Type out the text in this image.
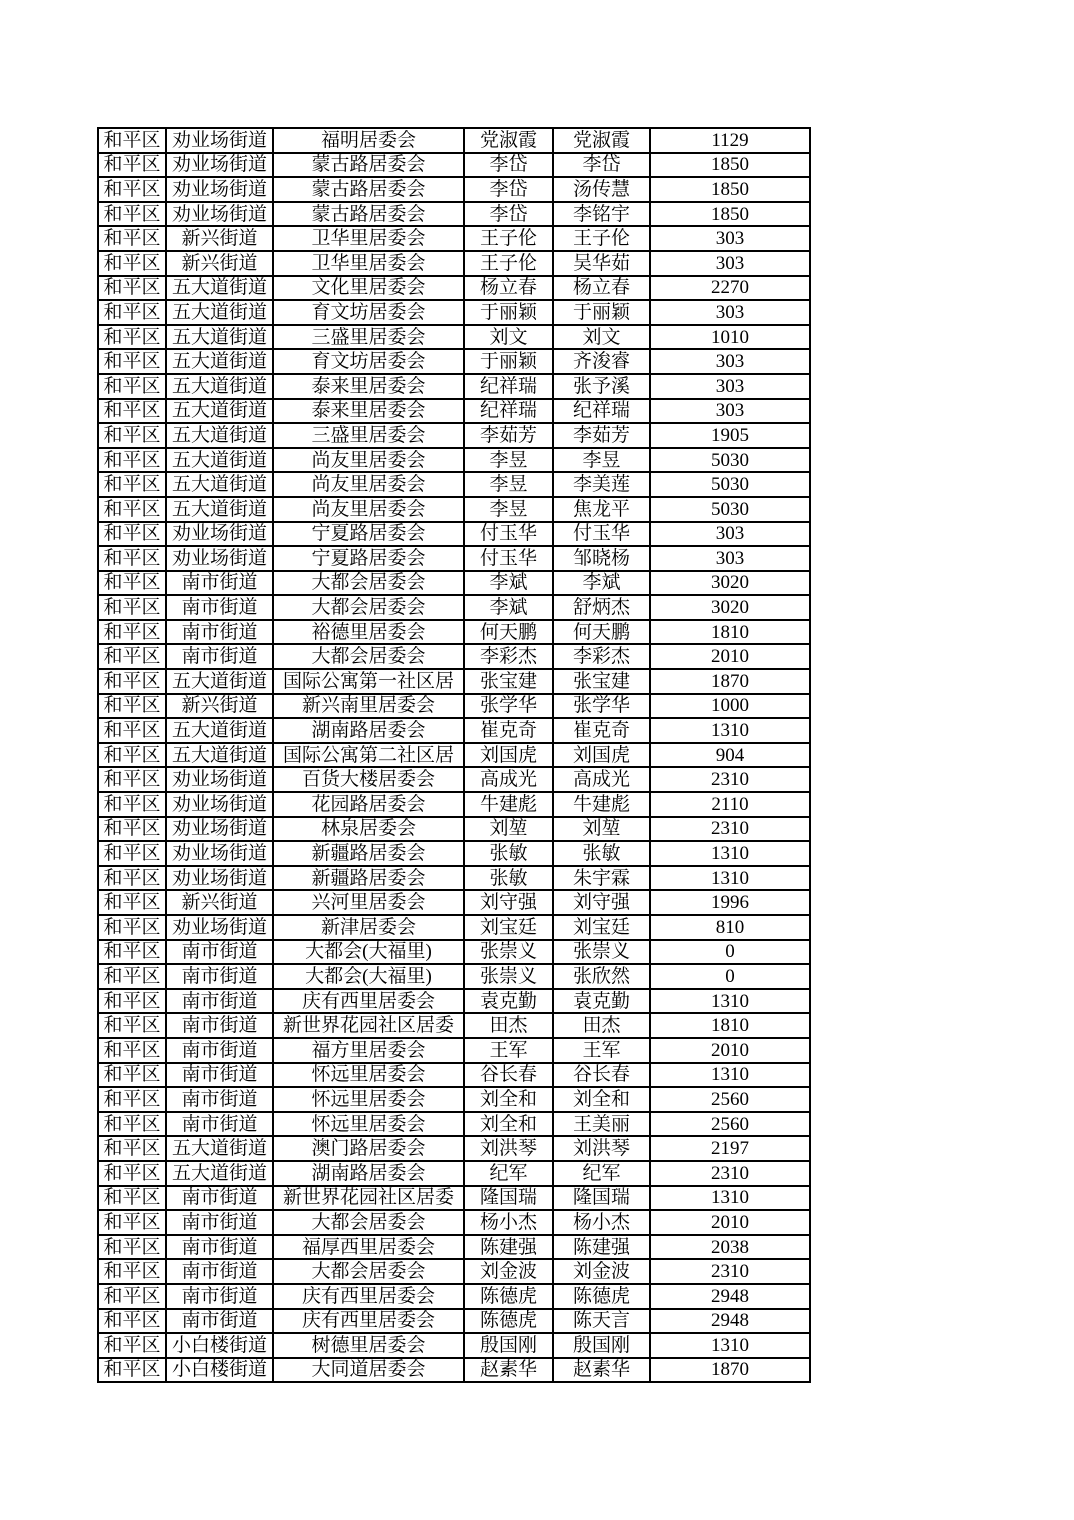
和平区	劝业场街道	福明居委会	党淑霞	党淑霞	1129
和平区	劝业场街道	蒙古路居委会	李岱	李岱	1850
和平区	劝业场街道	蒙古路居委会	李岱	汤传慧	1850
和平区	劝业场街道	蒙古路居委会	李岱	李铭宇	1850
和平区	新兴街道	卫华里居委会	王子伦	王子伦	303
和平区	新兴街道	卫华里居委会	王子伦	吴华茹	303
和平区	五大道街道	文化里居委会	杨立春	杨立春	2270
和平区	五大道街道	育文坊居委会	于丽颖	于丽颖	303
和平区	五大道街道	三盛里居委会	刘文	刘文	1010
和平区	五大道街道	育文坊居委会	于丽颖	齐浚睿	303
和平区	五大道街道	泰来里居委会	纪祥瑞	张予溪	303
和平区	五大道街道	泰来里居委会	纪祥瑞	纪祥瑞	303
和平区	五大道街道	三盛里居委会	李茹芳	李茹芳	1905
和平区	五大道街道	尚友里居委会	李昱	李昱	5030
和平区	五大道街道	尚友里居委会	李昱	李美莲	5030
和平区	五大道街道	尚友里居委会	李昱	焦龙平	5030
和平区	劝业场街道	宁夏路居委会	付玉华	付玉华	303
和平区	劝业场街道	宁夏路居委会	付玉华	邹晓杨	303
和平区	南市街道	大都会居委会	李斌	李斌	3020
和平区	南市街道	大都会居委会	李斌	舒炳杰	3020
和平区	南市街道	裕德里居委会	何天鹏	何天鹏	1810
和平区	南市街道	大都会居委会	李彩杰	李彩杰	2010
和平区	五大道街道	国际公寓第一社区居	张宝建	张宝建	1870
和平区	新兴街道	新兴南里居委会	张学华	张学华	1000
和平区	五大道街道	湖南路居委会	崔克奇	崔克奇	1310
和平区	五大道街道	国际公寓第二社区居	刘国虎	刘国虎	904
和平区	劝业场街道	百货大楼居委会	高成光	高成光	2310
和平区	劝业场街道	花园路居委会	牛建彪	牛建彪	2110
和平区	劝业场街道	林泉居委会	刘堃	刘堃	2310
和平区	劝业场街道	新疆路居委会	张敏	张敏	1310
和平区	劝业场街道	新疆路居委会	张敏	朱宇霖	1310
和平区	新兴街道	兴河里居委会	刘守强	刘守强	1996
和平区	劝业场街道	新津居委会	刘宝廷	刘宝廷	810
和平区	南市街道	大都会(大福里)	张崇义	张崇义	0
和平区	南市街道	大都会(大福里)	张崇义	张欣然	0
和平区	南市街道	庆有西里居委会	袁克勤	袁克勤	1310
和平区	南市街道	新世界花园社区居委	田杰	田杰	1810
和平区	南市街道	福方里居委会	王军	王军	2010
和平区	南市街道	怀远里居委会	谷长春	谷长春	1310
和平区	南市街道	怀远里居委会	刘全和	刘全和	2560
和平区	南市街道	怀远里居委会	刘全和	王美丽	2560
和平区	五大道街道	澳门路居委会	刘洪琴	刘洪琴	2197
和平区	五大道街道	湖南路居委会	纪军	纪军	2310
和平区	南市街道	新世界花园社区居委	隆国瑞	隆国瑞	1310
和平区	南市街道	大都会居委会	杨小杰	杨小杰	2010
和平区	南市街道	福厚西里居委会	陈建强	陈建强	2038
和平区	南市街道	大都会居委会	刘金波	刘金波	2310
和平区	南市街道	庆有西里居委会	陈德虎	陈德虎	2948
和平区	南市街道	庆有西里居委会	陈德虎	陈天言	2948
和平区	小白楼街道	树德里居委会	殷国刚	殷国刚	1310
和平区	小白楼街道	大同道居委会	赵素华	赵素华	1870
